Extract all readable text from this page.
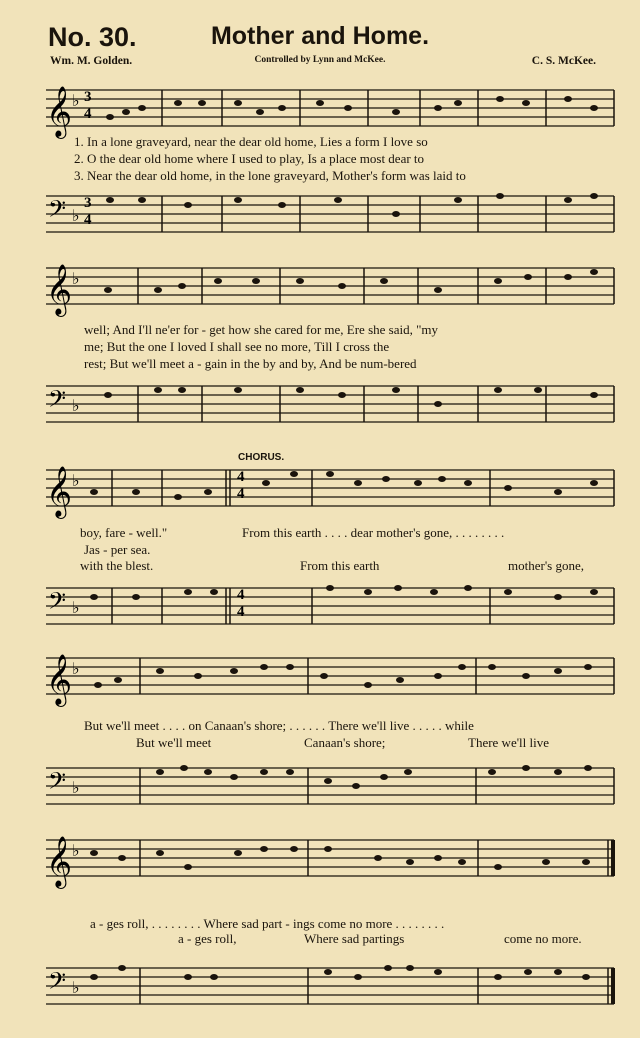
No. 30.	Mother and Home.
Wm. M. Golden.	Controlled by Lynn and McKee.	C. S. McKee.
𝄞 ♭ 3
4
1. In a lone graveyard, near the dear old home, Lies a form I love so
2. O the dear old home where I used to play, Is a place most dear to
3. Near the dear old home, in the lone graveyard, Mother's form was laid to
𝄢 ♭
3
4
𝄞 ♭
well; And I'll ne'er for - get how she cared for me, Ere she said, "my
me; But the one I loved I shall see no more, Till I cross the
rest; But we'll meet a - gain in the by and by, And be num-bered
𝄢 ♭
CHORUS.
𝄞 ♭	4
4
boy, fare - well."	From this earth . . . . dear mother's gone, . . . . . . . .
Jas - per sea.
with the blest.	From this earth	mother's gone,
𝄢 ♭
4
4
𝄞 ♭
But we'll meet . . . . on Canaan's shore; . . . . . . There we'll live . . . . . while
But we'll meet	Canaan's shore;	There we'll live
𝄢 ♭
𝄞 ♭
a - ges roll, . . . . . . . . Where sad part - ings come no more . . . . . . . .
a - ges roll,	Where sad partings	come no more.
𝄢 ♭
